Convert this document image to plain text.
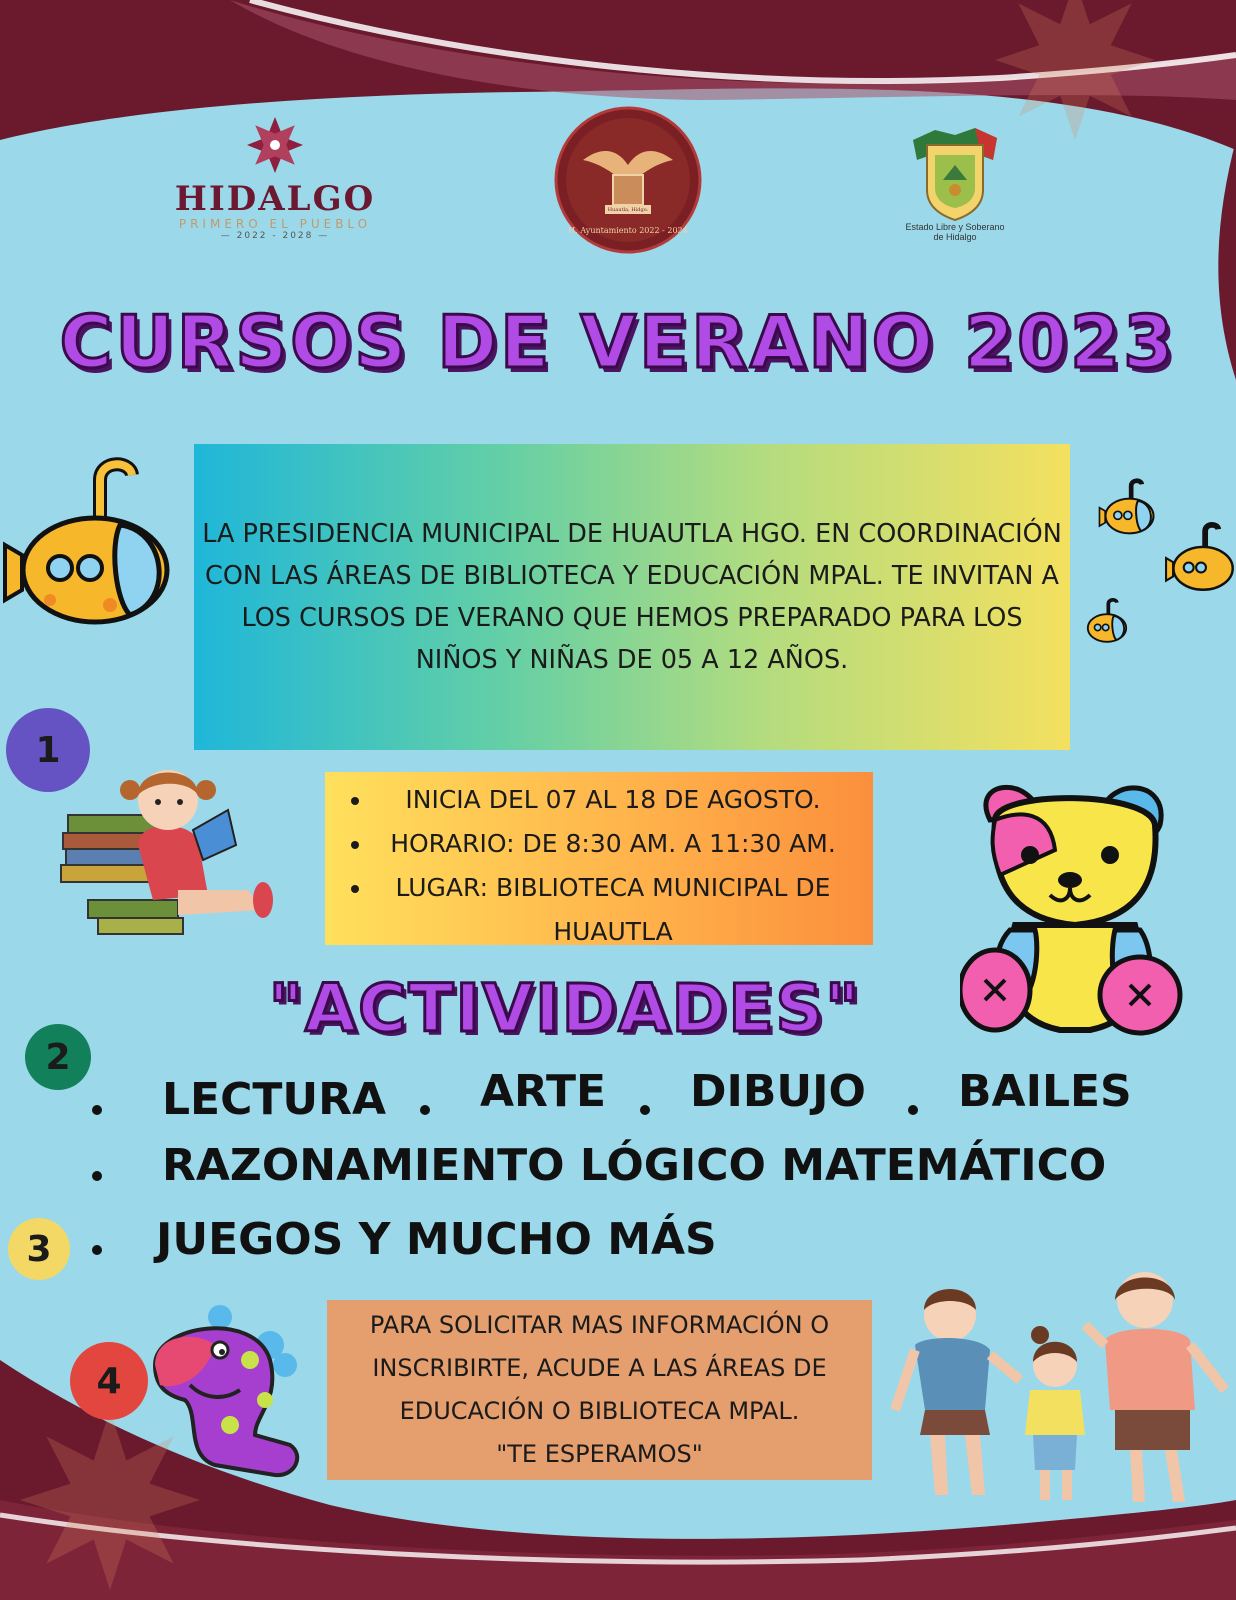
HIDALGO
PRIMERO EL PUEBLO
— 2022 - 2028 —
Huautla, Hidgo.
H. Ayuntamiento 2022 - 2024	Estado Libre y Soberano
de Hidalgo
CURSOS DE VERANO 2023
LA PRESIDENCIA MUNICIPAL DE HUAUTLA HGO. EN COORDINACIÓN CON LAS ÁREAS DE BIBLIOTECA Y EDUCACIÓN MPAL. TE INVITAN A LOS CURSOS DE VERANO QUE HEMOS PREPARADO PARA LOS NIÑOS Y NIÑAS DE 05 A 12 AÑOS.
1
2
3
4
• INICIA DEL 07 AL 18 DE AGOSTO.
• HORARIO: DE 8:30 AM. A 11:30 AM.
• LUGAR: BIBLIOTECA MUNICIPAL DE HUAUTLA
"ACTIVIDADES"
LECTURA ARTE DIBUJO BAILES
RAZONAMIENTO LÓGICO MATEMÁTICO
JUEGOS Y MUCHO MÁS
PARA SOLICITAR MAS INFORMACIÓN O
INSCRIBIRTE, ACUDE A LAS ÁREAS DE
EDUCACIÓN O BIBLIOTECA MPAL.
"TE ESPERAMOS"
